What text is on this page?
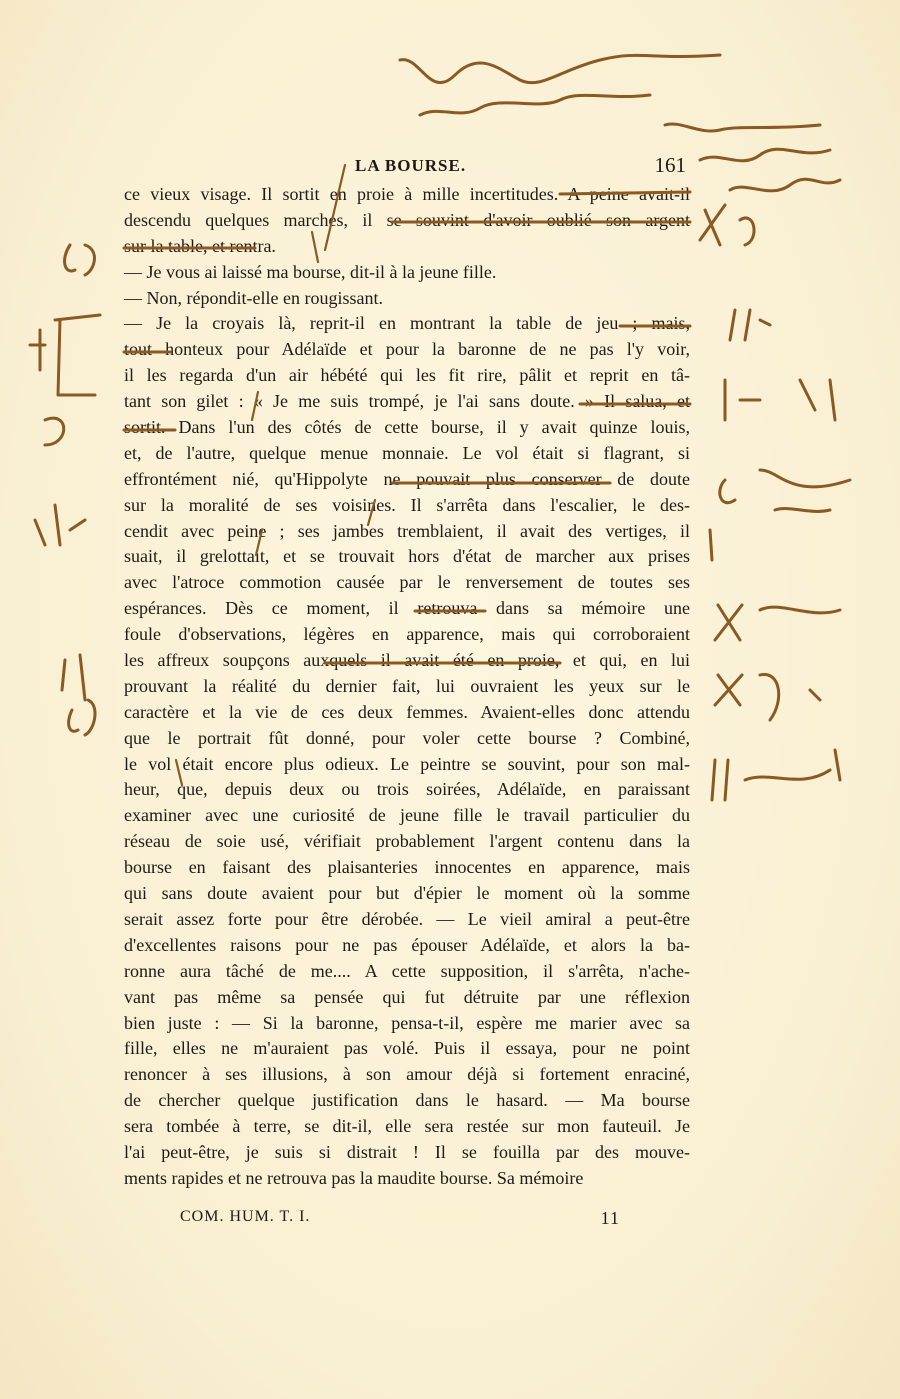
LA BOURSE.	161
ce vieux visage. Il sortit en proie à mille incertitudes. A peine avait-il
descendu quelques marches, il se souvint d'avoir oublié son argent
sur la table, et rentra.
— Je vous ai laissé ma bourse, dit-il à la jeune fille.
— Non, répondit-elle en rougissant.
— Je la croyais là, reprit-il en montrant la table de jeu ; mais,
tout honteux pour Adélaïde et pour la baronne de ne pas l'y voir,
il les regarda d'un air hébété qui les fit rire, pâlit et reprit en tâ-
tant son gilet : « Je me suis trompé, je l'ai sans doute. » Il salua, et
sortit. Dans l'un des côtés de cette bourse, il y avait quinze louis,
et, de l'autre, quelque menue monnaie. Le vol était si flagrant, si
effrontément nié, qu'Hippolyte ne pouvait plus conserver de doute
sur la moralité de ses voisines. Il s'arrêta dans l'escalier, le des-
cendit avec peine ; ses jambes tremblaient, il avait des vertiges, il
suait, il grelottait, et se trouvait hors d'état de marcher aux prises
avec l'atroce commotion causée par le renversement de toutes ses
espérances. Dès ce moment, il retrouva dans sa mémoire une
foule d'observations, légères en apparence, mais qui corroboraient
les affreux soupçons auxquels il avait été en proie, et qui, en lui
prouvant la réalité du dernier fait, lui ouvraient les yeux sur le
caractère et la vie de ces deux femmes. Avaient-elles donc attendu
que le portrait fût donné, pour voler cette bourse ? Combiné,
le vol était encore plus odieux. Le peintre se souvint, pour son mal-
heur, que, depuis deux ou trois soirées, Adélaïde, en paraissant
examiner avec une curiosité de jeune fille le travail particulier du
réseau de soie usé, vérifiait probablement l'argent contenu dans la
bourse en faisant des plaisanteries innocentes en apparence, mais
qui sans doute avaient pour but d'épier le moment où la somme
serait assez forte pour être dérobée. — Le vieil amiral a peut-être
d'excellentes raisons pour ne pas épouser Adélaïde, et alors la ba-
ronne aura tâché de me.... A cette supposition, il s'arrêta, n'ache-
vant pas même sa pensée qui fut détruite par une réflexion
bien juste : — Si la baronne, pensa-t-il, espère me marier avec sa
fille, elles ne m'auraient pas volé. Puis il essaya, pour ne point
renoncer à ses illusions, à son amour déjà si fortement enraciné,
de chercher quelque justification dans le hasard. — Ma bourse
sera tombée à terre, se dit-il, elle sera restée sur mon fauteuil. Je
l'ai peut-être, je suis si distrait ! Il se fouilla par des mouve-
ments rapides et ne retrouva pas la maudite bourse. Sa mémoire
COM. HUM. T. I.	11
